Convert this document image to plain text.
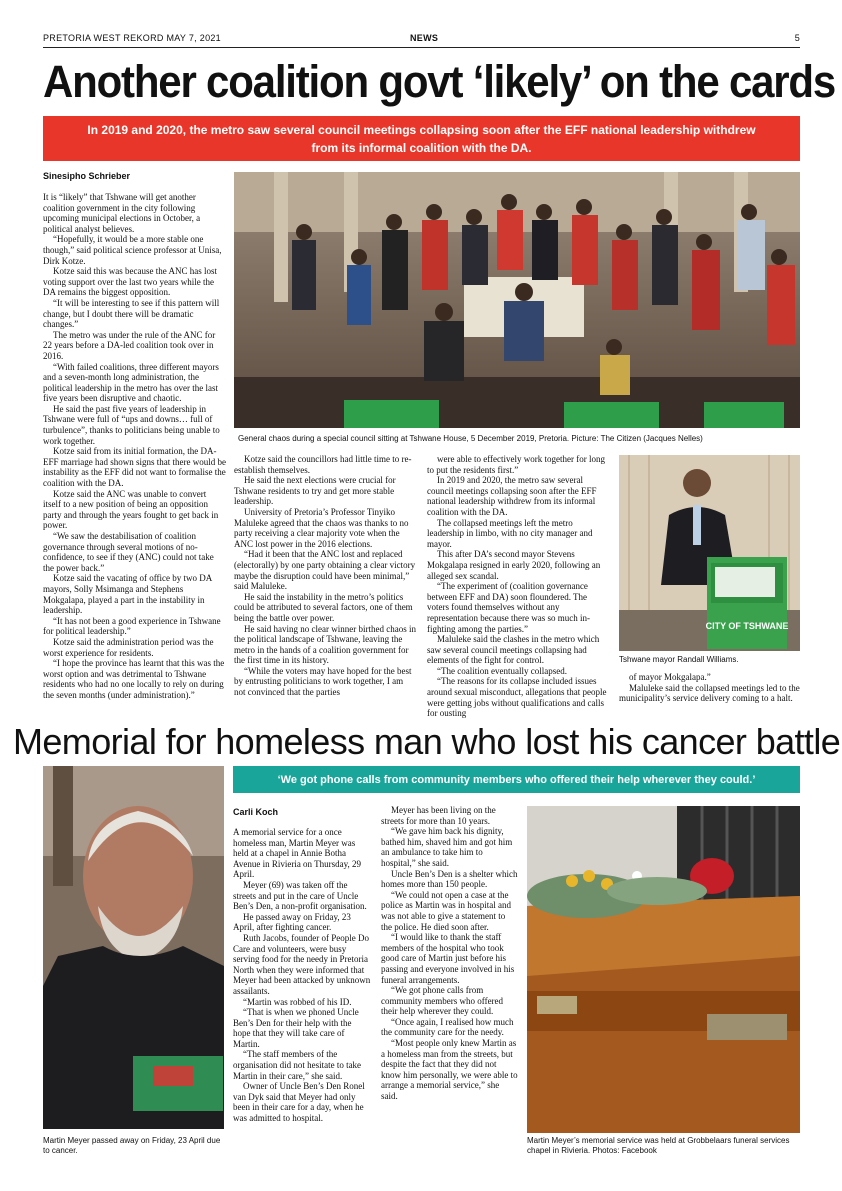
PRETORIA WEST REKORD MAY 7, 2021	NEWS	5
Another coalition govt ‘likely’ on the cards
In 2019 and 2020, the metro saw several council meetings collapsing soon after the EFF national leadership withdrew from its informal coalition with the DA.
Sinesipho Schrieber

It is “likely” that Tshwane will get another coalition government in the city following upcoming municipal elections in October, a political analyst believes.

“Hopefully, it would be a more stable one though,” said political science professor at Unisa, Dirk Kotze.

Kotze said this was because the ANC has lost voting support over the last two years while the DA remains the biggest opposition.

“It will be interesting to see if this pattern will change, but I doubt there will be dramatic changes.”

The metro was under the rule of the ANC for 22 years before a DA-led coalition took over in 2016.

“With failed coalitions, three different mayors and a seven-month long administration, the political leadership in the metro has over the last five years been disruptive and chaotic.

He said the past five years of leadership in Tshwane were full of “ups and downs… full of turbulence”, thanks to politicians being unable to work together.

Kotze said from its initial formation, the DA-EFF marriage had shown signs that there would be instability as the EFF did not want to formalise the coalition with the DA.

Kotze said the ANC was unable to convert itself to a new position of being an opposition party and through the years fought to get back in power.

“We saw the destabilisation of coalition governance through several motions of no-confidence, to see if they (ANC) could not take the power back.”

Kotze said the vacating of office by two DA mayors, Solly Msimanga and Stephens Mokgalapa, played a part in the instability in leadership.

“It has not been a good experience in Tshwane for political leadership.”

Kotze said the administration period was the worst experience for residents.

“I hope the province has learnt that this was the worst option and was detrimental to Tshwane residents who had no one locally to rely on during the seven months (under administration).”

General chaos during a special council sitting at Tshwane House, 5 December 2019, Pretoria. Picture: The Citizen (Jacques Nelles)

Kotze said the councillors had little time to re-establish themselves.

He said the next elections were crucial for Tshwane residents to try and get more stable leadership.

University of Pretoria’s Professor Tinyiko Maluleke agreed that the chaos was thanks to no party receiving a clear majority vote when the ANC lost power in the 2016 elections.

“Had it been that the ANC lost and replaced (electorally) by one party obtaining a clear victory maybe the disruption could have been minimal,” said Maluleke.

He said the instability in the metro’s politics could be attributed to several factors, one of them being the battle over power.

He said having no clear winner birthed chaos in the political landscape of Tshwane, leaving the metro in the hands of a coalition government for the first time in its history.

“While the voters may have hoped for the best by entrusting politicians to work together, I am not convinced that the parties

were able to effectively work together for long to put the residents first.”

In 2019 and 2020, the metro saw several council meetings collapsing soon after the EFF national leadership withdrew from its informal coalition with the DA.

The collapsed meetings left the metro leadership in limbo, with no city manager and mayor.

This after DA’s second mayor Stevens Mokgalapa resigned in early 2020, following an alleged sex scandal.

“The experiment of (coalition governance between EFF and DA) soon floundered. The voters found themselves without any representation because there was so much in-fighting among the parties.”

Maluleke said the clashes in the metro which saw several council meetings collapsing had elements of the fight for control.

“The coalition eventually collapsed.

“The reasons for its collapse included issues around sexual misconduct, allegations that people were getting jobs without qualifications and calls for ousting

CITY OF TSHWANE
Tshwane mayor Randall Williams.

of mayor Mokgalapa.”

Maluleke said the collapsed meetings led to the municipality’s service delivery coming to a halt.

Memorial for homeless man who lost his cancer battle
Martin Meyer passed away on Friday, 23 April due to cancer.
‘We got phone calls from community members who offered their help wherever they could.’
Carli Koch

A memorial service for a once homeless man, Martin Meyer was held at a chapel in Annie Botha Avenue in Rivieria on Thursday, 29 April.

Meyer (69) was taken off the streets and put in the care of Uncle Ben’s Den, a non-profit organisation.

He passed away on Friday, 23 April, after fighting cancer.

Ruth Jacobs, founder of People Do Care and volunteers, were busy serving food for the needy in Pretoria North when they were informed that Meyer had been attacked by unknown assailants.

“Martin was robbed of his ID.

“That is when we phoned Uncle Ben’s Den for their help with the hope that they will take care of Martin.

“The staff members of the organisation did not hesitate to take Martin in their care,” she said.

Owner of Uncle Ben’s Den Ronel van Dyk said that Meyer had only been in their care for a day, when he was admitted to hospital.

Meyer has been living on the streets for more than 10 years.

“We gave him back his dignity, bathed him, shaved him and got him an ambulance to take him to hospital,” she said.

Uncle Ben’s Den is a shelter which homes more than 150 people.

“We could not open a case at the police as Martin was in hospital and was not able to give a statement to the police. He died soon after.

“I would like to thank the staff members of the hospital who took good care of Martin just before his passing and everyone involved in his funeral arrangements.

“We got phone calls from community members who offered their help wherever they could.

“Once again, I realised how much the community care for the needy.

“Most people only knew Martin as a homeless man from the streets, but despite the fact that they did not know him personally, we were able to arrange a memorial service,” she said.

Martin Meyer’s memorial service was held at Grobbelaars funeral services chapel in Rivieria. Photos: Facebook
